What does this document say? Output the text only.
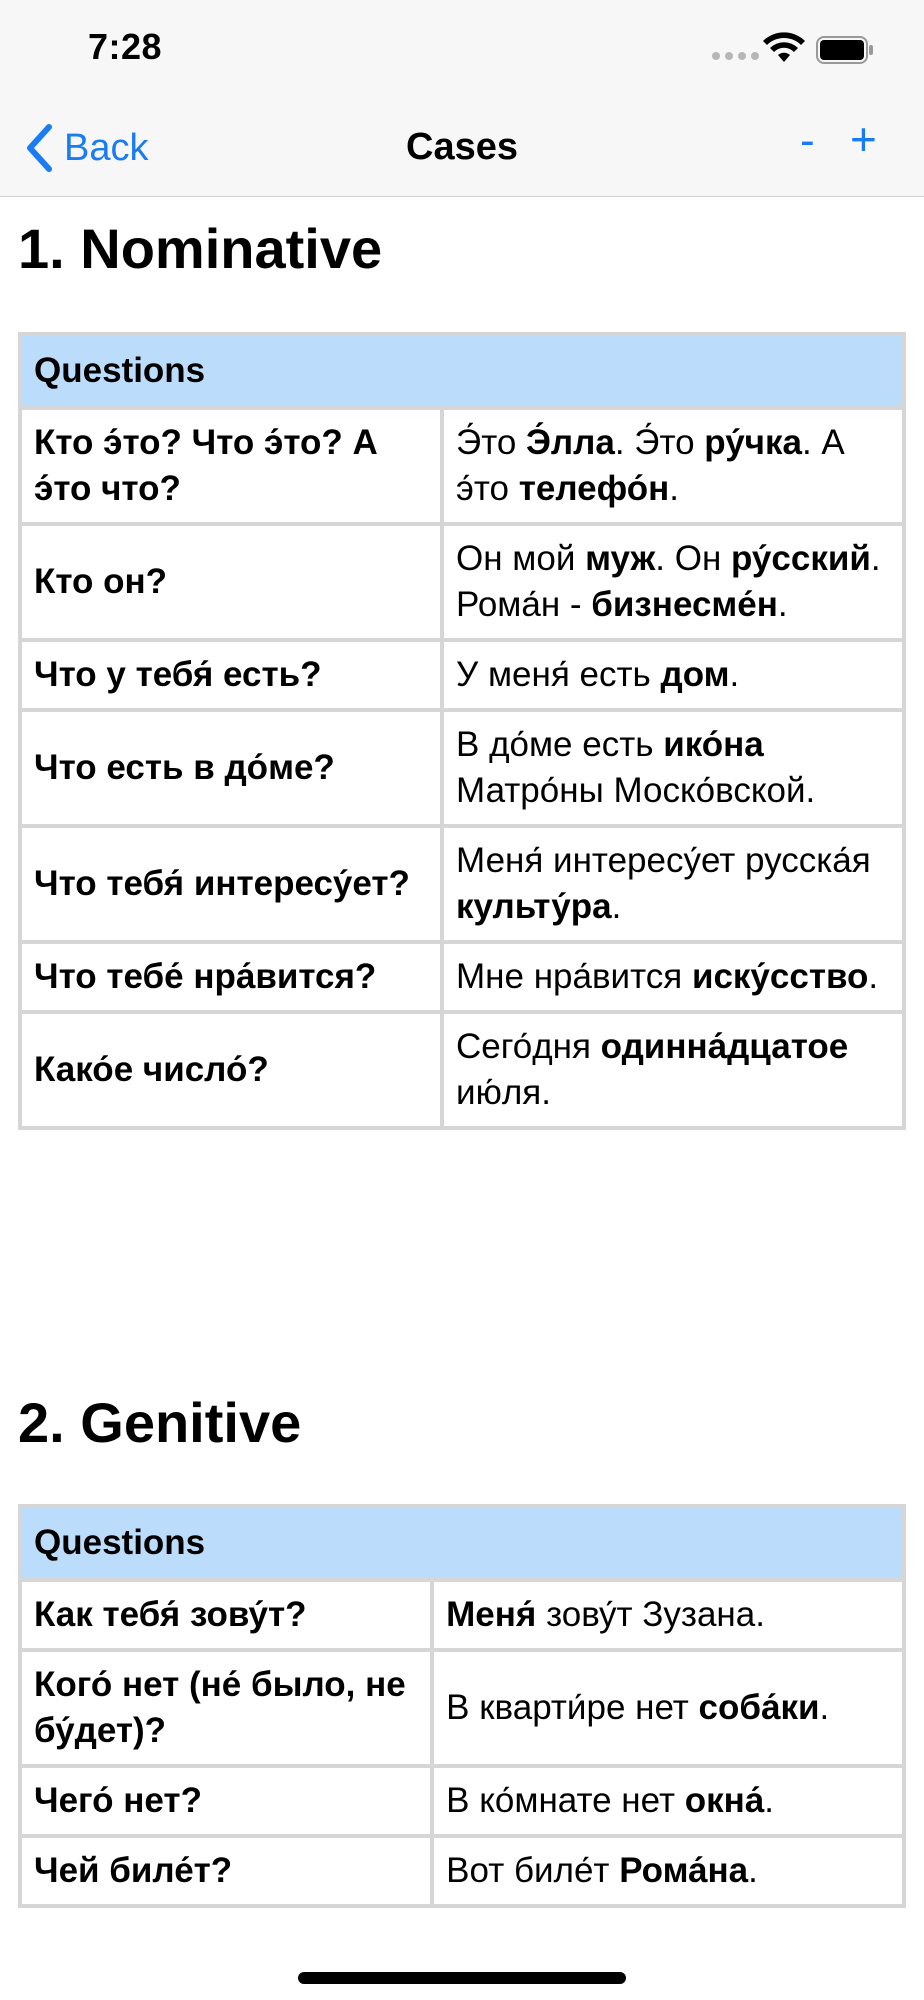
7:28
Back	Cases	- +
1. Nominative
Questions	
Кто э́то? Что э́то? А э́то что?	Э́то Э́лла. Э́то ру́чка. А э́то телефо́н.
Кто он?	Он мой муж. Он ру́сский. Рома́н - бизнесме́н.
Что у тебя́ есть?	У меня́ есть дом.
Что есть в до́ме?	В до́ме есть ико́на Матро́ны Моско́вской.
Что тебя́ интересу́ет?	Меня́ интересу́ет русска́я культу́ра.
Что тебе́ нра́вится?	Мне нра́вится иску́сство.
Како́е число́?	Сего́дня одинна́дцатое ию́ля.
2. Genitive
Questions	
Как тебя́ зову́т?	Меня́ зову́т Зузана.
Кого́ нет (не́ было, не бу́дет)?	В кварти́ре нет соба́ки.
Чего́ нет?	В ко́мнате нет окна́.
Чей биле́т?	Вот биле́т Рома́на.
